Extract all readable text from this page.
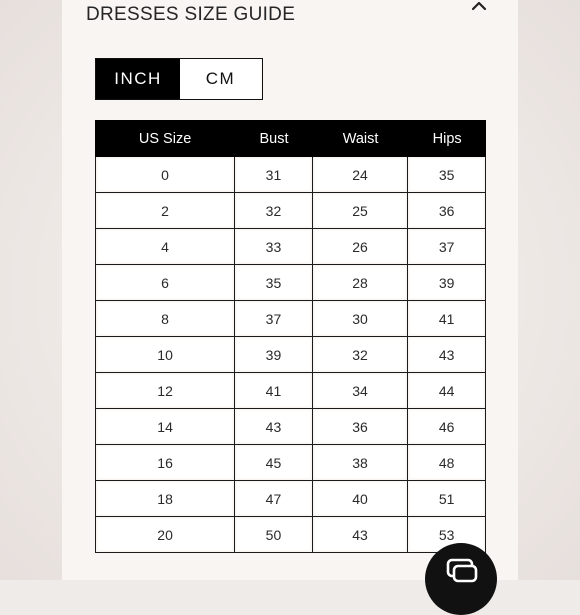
DRESSES SIZE GUIDE
INCH	CM
US Size	Bust	Waist	Hips
0	31	24	35
2	32	25	36
4	33	26	37
6	35	28	39
8	37	30	41
10	39	32	43
12	41	34	44
14	43	36	46
16	45	38	48
18	47	40	51
20	50	43	53
